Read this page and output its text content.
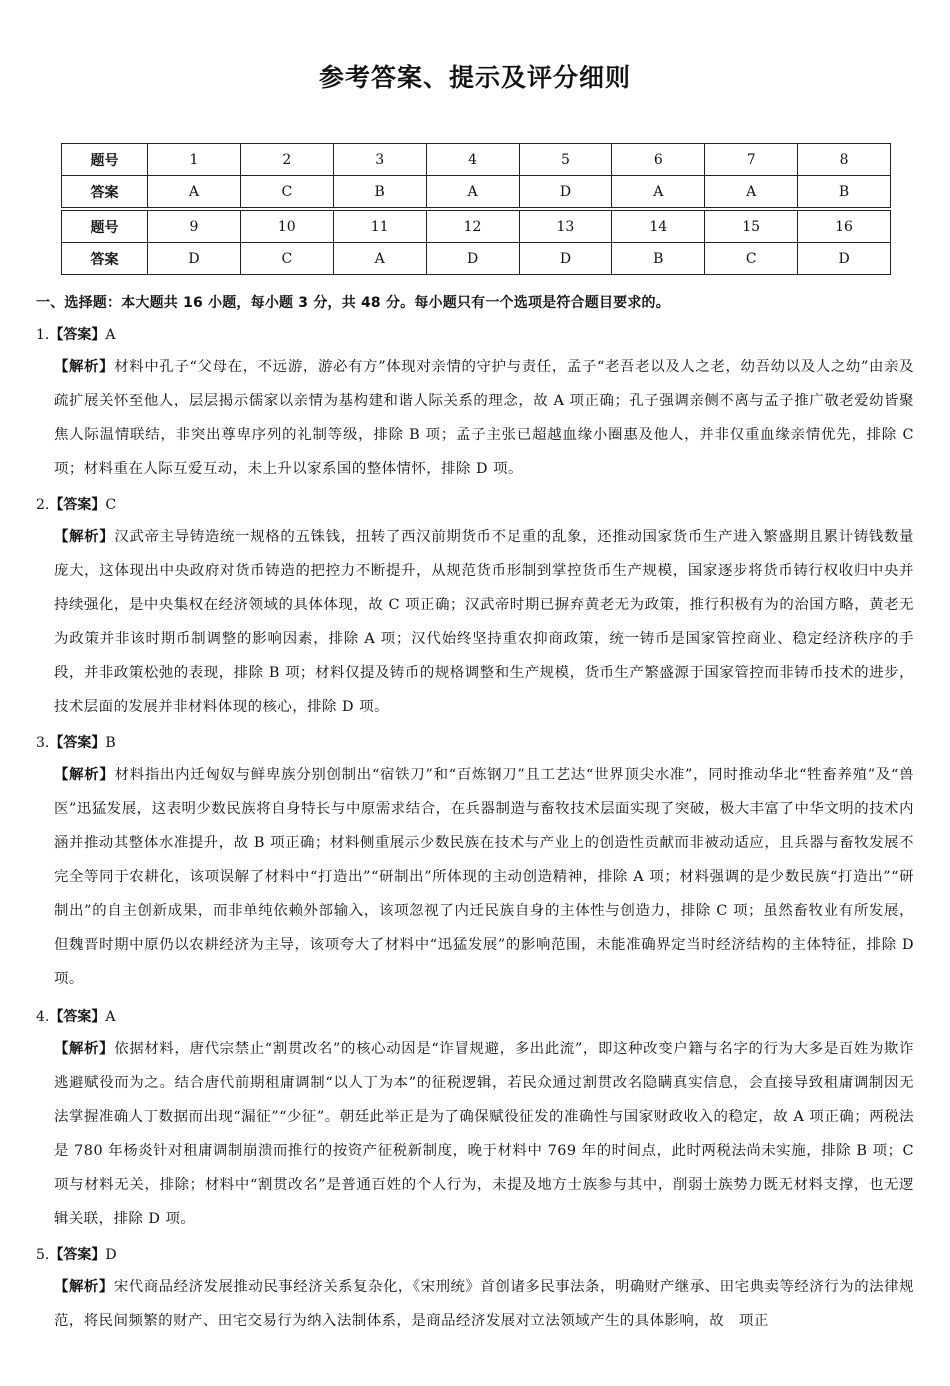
参考答案、提示及评分细则
题号	1	2	3	4	5	6	7	8
答案	A	C	B	A	D	A	A	B
题号	9	10	11	12	13	14	15	16
答案	D	C	A	D	D	B	C	D
一、选择题：本大题共 16 小题，每小题 3 分，共 48 分。每小题只有一个选项是符合题目要求的。
1.【答案】A
【解析】材料中孔子“父母在，不远游，游必有方”体现对亲情的守护与责任，孟子“老吾老以及人之老，幼吾幼以及人之幼”由亲及疏扩展关怀至他人，层层揭示儒家以亲情为基构建和谐人际关系的理念，故 A 项正确；孔子强调亲侧不离与孟子推广敬老爱幼皆聚焦人际温情联结，非突出尊卑序列的礼制等级，排除 B 项；孟子主张已超越血缘小圈惠及他人，并非仅重血缘亲情优先，排除 C 项；材料重在人际互爱互动，未上升以家系国的整体情怀，排除 D 项。
2.【答案】C
【解析】汉武帝主导铸造统一规格的五铢钱，扭转了西汉前期货币不足重的乱象，还推动国家货币生产进入繁盛期且累计铸钱数量庞大，这体现出中央政府对货币铸造的把控力不断提升，从规范货币形制到掌控货币生产规模，国家逐步将货币铸行权收归中央并持续强化，是中央集权在经济领域的具体体现，故 C 项正确；汉武帝时期已摒弃黄老无为政策，推行积极有为的治国方略，黄老无为政策并非该时期币制调整的影响因素，排除 A 项；汉代始终坚持重农抑商政策，统一铸币是国家管控商业、稳定经济秩序的手段，并非政策松弛的表现，排除 B 项；材料仅提及铸币的规格调整和生产规模，货币生产繁盛源于国家管控而非铸币技术的进步，技术层面的发展并非材料体现的核心，排除 D 项。
3.【答案】B
【解析】材料指出内迁匈奴与鲜卑族分别创制出“宿铁刀”和“百炼钢刀”且工艺达“世界顶尖水准”，同时推动华北“牲畜养殖”及“兽医”迅猛发展，这表明少数民族将自身特长与中原需求结合，在兵器制造与畜牧技术层面实现了突破，极大丰富了中华文明的技术内涵并推动其整体水准提升，故 B 项正确；材料侧重展示少数民族在技术与产业上的创造性贡献而非被动适应，且兵器与畜牧发展不完全等同于农耕化，该项误解了材料中“打造出”“研制出”所体现的主动创造精神，排除 A 项；材料强调的是少数民族“打造出”“研制出”的自主创新成果，而非单纯依赖外部输入，该项忽视了内迁民族自身的主体性与创造力，排除 C 项；虽然畜牧业有所发展，但魏晋时期中原仍以农耕经济为主导，该项夸大了材料中“迅猛发展”的影响范围，未能准确界定当时经济结构的主体特征，排除 D 项。
4.【答案】A
【解析】依据材料，唐代宗禁止“割贯改名”的核心动因是“诈冒规避，多出此流”，即这种改变户籍与名字的行为大多是百姓为欺诈逃避赋役而为之。结合唐代前期租庸调制“以人丁为本”的征税逻辑，若民众通过割贯改名隐瞒真实信息，会直接导致租庸调制因无法掌握准确人丁数据而出现“漏征”“少征”。朝廷此举正是为了确保赋役征发的准确性与国家财政收入的稳定，故 A 项正确；两税法是 780 年杨炎针对租庸调制崩溃而推行的按资产征税新制度，晚于材料中 769 年的时间点，此时两税法尚未实施，排除 B 项；C 项与材料无关，排除；材料中“割贯改名”是普通百姓的个人行为，未提及地方士族参与其中，削弱士族势力既无材料支撑，也无逻辑关联，排除 D 项。
5.【答案】D
【解析】宋代商品经济发展推动民事经济关系复杂化，《宋刑统》首创诸多民事法条，明确财产继承、田宅典卖等经济行为的法律规范，将民间频繁的财产、田宅交易行为纳入法制体系，是商品经济发展对立法领域产生的具体影响，故　项正
